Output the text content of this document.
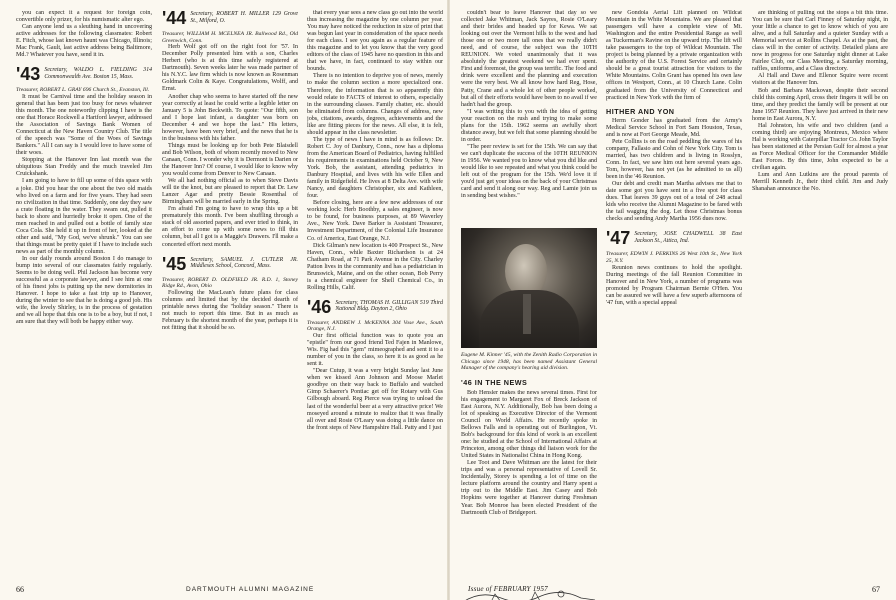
you can expect it a request for foreign coin, convertible only prizer, for his numismatic alter ego.

Can anyone lend us a sleuthing hand in uncovering active addresses for the following classmates: Robert E. Fitch, whose last known haunt was Chicago, Illinois; Mac Frank, Gault, last active address being Baltimore, Md.? Whatever you have, send it in.

'43 Secretary, WALDO L. FIELDING 314 Commonwealth Ave. Boston 15, Mass.

Treasurer, ROBERT L. GRAY 696 Church St., Evanston, Ill.

It must be Carnival time and the holiday season in general that has been just too busy for news whatever this month. The one noteworthy clipping I have is the one that Horace Rockwell a Hartford lawyer, addressed the Association of Savings Bank Women of Connecticut at the New Haven Country Club. The title of the speech was "Some of the Woes of Savings Bankers." All I can say is I would love to have some of their woes.

Stopping at the Hanover Inn last month was the ubiquitous Stan Freddy and the much traveled Jim Cruickshank.

I am going to have to fill up some of this space with a joke. Did you hear the one about the two old maids who lived on a farm and for five years. They had seen no civilization in that time. Suddenly, one day they saw a crate floating in the water. They swam out, pulled it back to shore and hurriedly broke it open. One of the men reached in and pulled out a bottle of family size Coca Cola. She held it up in front of her, looked at the other and said, "My God, we've shrunk." You can see that things must be pretty quiet if I have to include such news as part of the monthly column.

In our daily rounds around Boston I do manage to bump into several of our classmates fairly regularly. Seems to be doing well. Phil Jackson has become very successful as a corporate lawyer, and I see him at one of his finest jobs is putting up the new dormitories in Hanover. I hope to take a fast trip up to Hanover, during the winter to see that he is doing a good job. His wife, the lovely Shirley, is in the process of gestation and we all hope that this one is to be a boy, but if not, I am sure that they will both be happy either way.

'44 Secretary, ROBERT H. MILLER 129 Grove St., Milford, O.

Treasurer, WILLIAM H. MCELNEA JR. Ballwood Rd., Old Greenwich, Conn.

Herb Wolf got off on the right foot for '57. In December Polly presented him with a son, Charles Herbert (who is at this time safely registered at Dartmouth). Seven weeks later he was made partner of his N.Y.C. law firm which is now known as Rosenman Goldmark Colin & Kaye. Congratulations, Wolff, and Ernst.

Another chap who seems to have started off the new year correctly at least he could write a legible letter on January 5 is John Beckwith. To quote: "Our fifth, son and I hope last infant, a daughter was born on December 4 and we hope the last." His letters, however, have been very brief, and the news that he is in the business with his father.

Things must be looking up for both Pete Blaisdell and Bob Wilson, both of whom recently moved to New Canaan, Conn. I wonder why it is Dermont is Darien or the Hanover Inn? Of course, I would like to know why you would come from Denver to New Canaan.

We all had nothing official as to when Steve Davis will tie the knot, but are pleased to report that Dr. Lew Lanzer Agar and pretty Bessie Rosenthal of Birmingham will be married early in the Spring.

I'm afraid I'm going to have to wrap this up a bit prematurely this month. I've been shuffling through a stack of old assorted papers, and ever tried to think, in an effort to come up with some news to fill this column, but all I got is a Maggie's Drawers. I'll make a concerted effort next month.

'45 Secretary, SAMUEL J. CUTLER JR. Middlesex School, Concord, Mass.

Treasurer, ROBERT D. OLDFIELD JR. R.D. 1, Stoney Ridge Rd., Avon, Ohio

Following the MacLean's future plans for class columns and limited that by the decided dearth of printable news during the "holiday season." There is not much to report this time. But in as much as February is the shortest month of the year, perhaps it is not fitting that it should be so.

that every year sees a new class go out into the world thus increasing the magazine by one column per year. You may have noticed the reduction in size of print that was begun last year in consideration of the space needs for each class. I see you again as a regular feature of this magazine and to let you know that the very good editors of the class of 1945 have no question in this and that we have, in fact, continued to stay within our bounds.

There is no intention to deprive you of news, merely to make the column section a more specialized one. Therefore, the information that is so apparently thin would relate to FACTS of interest to others, especially in the surrounding classes. Family chatter, etc. should be eliminated from columns. Changes of address, new jobs, citations, awards, degrees, achievements and the like are fitting pieces for the news. All else, it is felt, should appear in the class newsletter.

The type of news I have in mind is as follows: Dr. Robert C. Joy of Danbury, Conn., now has a diploma from the American Board of Pediatrics, having fulfilled his requirements in examinations held October 9, New York. Bob, the assistant, attending pediatrics in Danbury Hospital, and lives with his wife Ellen and family in Ridgefield. He lives at 8 Delta Ave. with wife Nancy, and daughters Christopher, six and Kathleen, four.

Before closing, here are a few new addresses of our working lock: Herb Boothby, a sales engineer, is now to be found, for business purposes, at 89 Waverley Ave., New York. Dave Barker is Assistant Treasurer, Investment Department, of the Colonial Life Insurance Co. of America, East Orange, N.J.

Dick Gilman's new location is 400 Prospect St., New Haven, Conn., while Baxter Richardson is at 24 Chatham Road, at 71 Park Avenue in the City. Charley Patton lives in the community and has a pediatrician in Brunswick, Maine, and on the other ocean, Bob Perry is a chemical engineer for Shell Chemical Co., in Rolling Hills, Calif.

'46 Secretary, THOMAS H. GILLIGAN 519 Third National Bldg. Dayton 2, Ohio

Treasurer, ANDREW J. McKENNA 304 Vose Ave., South Orange, N.J.

Our first official function was to quote you an "epistle" from our good friend Ted Fajen in Manlowe, Wis. Fig had this "gem" mimeographed and sent it to a number of you in the class, so here it is as good as he sent it.

"Dear Cutup, it was a very bright Sunday last June when we kissed Ann Johnson and Moose Marlet goodbye on their way back to Buffalo and watched Gimp Schaerer's Pontiac get off for Rotary with Gus Gilbough aboard. Reg Pierce was trying to unload the last of the wonderful beer at a very attractive price! We moseyed around a minute to realize that it was finally all over and Rosie O'Leary was doing a little dance on the front steps of New Hampshire Hall. Patty and I just

couldn't bear to leave Hanover that day so we collected Jake Whitman, Jack Sayres, Rosie O'Leary and their brides and headed up for Kewa. We sat looking out over the Vermont hills to the west and had those one or two more tall ones that we really didn't need, and of course, the subject was the 10TH REUNION. We voted unanimously that it was absolutely the greatest weekend we had ever spent. First and foremost, the group was terrific. The food and drink were excellent and the planning and execution were the very best. We all know how hard Reg, Hose, Patty, Crane and a whole lot of other people worked, but all of their efforts would have been to no avail if we hadn't had the group.

"I was writing this to you with the idea of getting your reaction on the rush and trying to make some plans for the 15th. 1962 seems an awfully short distance away, but we felt that some planning should be in order.

"The peer review is set for the 15th. We can say that we can't duplicate the success of the 10TH REUNION in 1956. We wanted you to know what you did like and would like to see repeated and what you think could be left out of the program for the 15th. We'd love it if you'd just get your ideas on the back of your Christmas card and send it along our way. Reg and Lamie join us in sending best wishes."

new Gondola Aerial Lift planned on Wildcat Mountain in the White Mountains. We are pleased that passengers will have a complete view of Mt. Washington and the entire Presidential Range as well as Tuckerman's Ravine on the upward trip. The lift will take passengers to the top of Wildcat Mountain. The project is being planned by a private organization with the authority of the U.S. Forest Service and certainly should be a great tourist attraction for visitors to the White Mountains. Colin Grant has opened his own law offices in Westport, Conn., at 10 Church Lane. Colin graduated from the University of Connecticut and practiced in New York with the firm of

HITHER AND YON

Herm Gonder has graduated from the Army's Medical Service School in Fort Sam Houston, Texas, and is now at Fort George Meade, Md.

Pete Collins is on the road peddling the wares of his company, Fallasio and Cohn of New York City. Tom is married, has two children and is living in Rosslyn, Conn. In fact, we saw him out here several years ago. Tom, however, has not yet (as he admitted to us all) been in the '46 Reunion.

Our debt and credit man Martha advises me that to date some got you have sent in a five spot for class dues. That leaves 39 guys out of a total of 248 actual kids who receive the Alumni Magazine to be fared with the tail wagging the dog. Let those Christmas bonus checks and sending Andy Martha 1956 dues now.

'47 Secretary, JOSE CHADWELL 38 East Jackson St., Attica, Ind.

Treasurer, EDWIN J. PERKINS 26 West 10th St., New York 25, N.Y.

Reunion news continues to hold the spotlight. During meetings of the fall Reunion Committee in Hanover and in New York, a number of programs was promoted by Program Chairman Bernie O'Hen. You can be assured we will have a few superb afternoons of '47 fun, with a special appeal

are thinking of pulling out the stops a bit this time. You can be sure that Carl Finney of Saturday night, in your little a chance to get to know which of you are alive, and a full Saturday and a quieter Sunday with a Memorial service at Rollins Chapel. As at the past, the class will in the center of activity. Detailed plans are now in progress for one Saturday night dinner at Lake Fairlee Club, our Class Meeting, a Saturday morning, raffles, uniforms, and a Class directory.

Al Hall and Dave and Ellenor Squire were recent visitors at the Hanover Inn.

Bob and Barbara Mackovan, despite their second child this coming April, cross their fingers it will be on time, and they predict the family will be present at our June 1957 Reunion. They have just arrived in their new home in East Aurora, N.Y.

Hal Johnston, his wife and two children (and a coming third) are enjoying Montreux, Mexico where Hal is working with Caterpillar Tractor Co. John Taylor has been stationed at the Persian Gulf for almost a year as Force Medical Officer for the Commander Middle East Forces. By this time, John expected to be a civilian again.

Lum and Ann Lutkins are the proud parents of Merrill Kenneth Jr., their third child. Jim and Judy Shanahan announce the No.

Eugene M. Kinner '45, with the Zenith Radio Corporation in Chicago since 1948, has been named Assistant General Manager of the company's hearing aid division.

'46 IN THE NEWS

Bob Hensler makes the news several times. First for his engagement to Margaret Fox of Breck Jackson of East Aurora, N.Y. Additionally, Bob has been doing a lot of speaking as Executive Director of the Vermont Council on World Affairs. He recently spoke in Bellows Falls and is operating out of Burlington, Vt. Bob's background for this kind of work is an excellent one: he studied at the School of International Affairs at Princeton, among other things did liaison work for the United States in Nationalist China in Hong Kong.

Lee Toot and Dave Whitman are the latest for their trips and was a personal representative of Lovell Sr. Incidentally, Storey is spending a lot of time on the lecture platform around the country and Harry spent a trip out to the Middle East. Jim Casey and Bob Hopkins were together at Hanover during Freshman Year. Bob Monroe has been elected President of the Dartmouth Club of Bridgeport.

66	DARTMOUTH ALUMNI MAGAZINE	Issue of FEBRUARY 1957	67
